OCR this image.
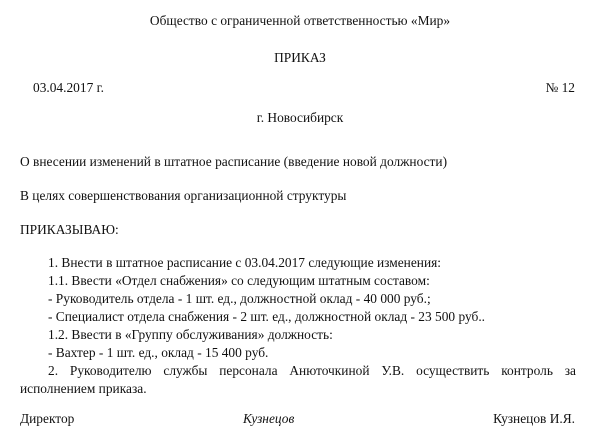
Общество с ограниченной ответственностью «Мир»
ПРИКАЗ
03.04.2017 г.	№ 12
г. Новосибирск
О внесении изменений в штатное расписание (введение новой должности)
В целях совершенствования организационной структуры
ПРИКАЗЫВАЮ:
1. Внести в штатное расписание с 03.04.2017 следующие изменения:
1.1. Ввести «Отдел снабжения» со следующим штатным составом:
- Руководитель отдела - 1 шт. ед., должностной оклад - 40 000 руб.;
- Специалист отдела снабжения - 2 шт. ед., должностной оклад - 23 500 руб..
1.2. Ввести в «Группу обслуживания» должность:
- Вахтер - 1 шт. ед., оклад - 15 400 руб.
2. Руководителю службы персонала Анюточкиной У.В. осуществить контроль за
исполнением приказа.
Директор	Кузнецов	Кузнецов И.Я.
